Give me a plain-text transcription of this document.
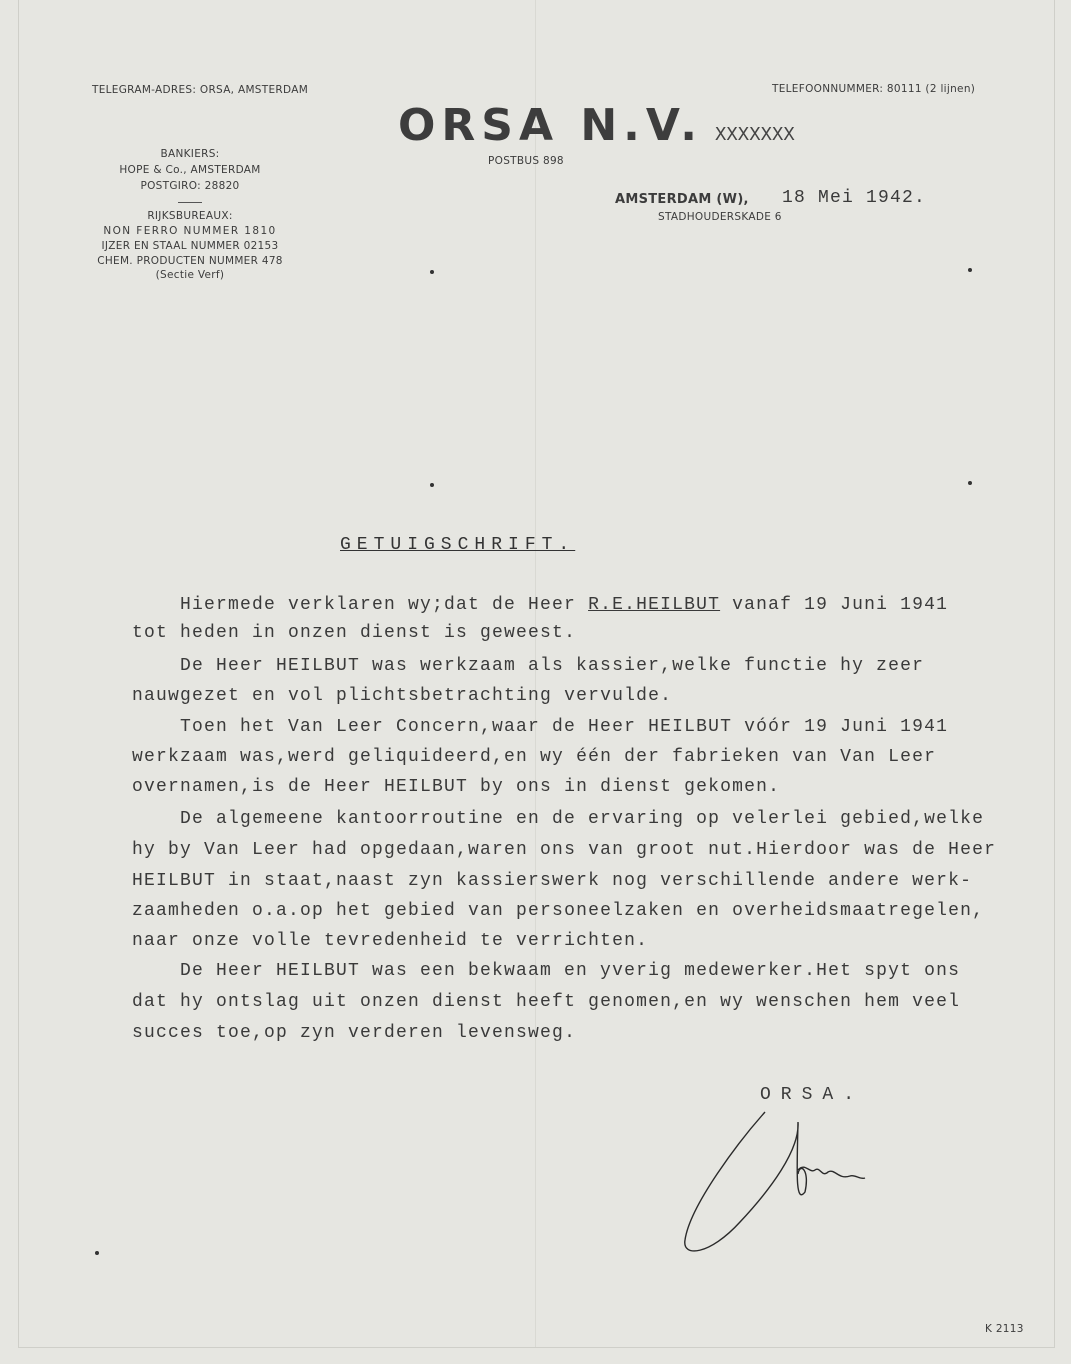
TELEGRAM-ADRES: ORSA, AMSTERDAM	TELEFOONNUMMER: 80111 (2 lijnen)
ORSA N.V. XXXXXXX
POSTBUS 898
BANKIERS:
HOPE & Co., AMSTERDAM
POSTGIRO: 28820
RIJKSBUREAUX:
NON FERRO NUMMER 1810
IJZER EN STAAL NUMMER 02153
CHEM. PRODUCTEN NUMMER 478
(Sectie Verf)
AMSTERDAM (W), 18 Mei 1942.
STADHOUDERSKADE 6
GETUIGSCHRIFT.
Hiermede verklaren wy;dat de Heer R.E.HEILBUT vanaf 19 Juni 1941
tot heden in onzen dienst is geweest.
De Heer HEILBUT was werkzaam als kassier,welke functie hy zeer
nauwgezet en vol plichtsbetrachting vervulde.
Toen het Van Leer Concern,waar de Heer HEILBUT vóór 19 Juni 1941
werkzaam was,werd geliquideerd,en wy één der fabrieken van Van Leer
overnamen,is de Heer HEILBUT by ons in dienst gekomen.
De algemeene kantoorroutine en de ervaring op velerlei gebied,welke
hy by Van Leer had opgedaan,waren ons van groot nut.Hierdoor was de Heer
HEILBUT in staat,naast zyn kassierswerk nog verschillende andere werk-
zaamheden o.a.op het gebied van personeelzaken en overheidsmaatregelen,
naar onze volle tevredenheid te verrichten.
De Heer HEILBUT was een bekwaam en yverig medewerker.Het spyt ons
dat hy ontslag uit onzen dienst heeft genomen,en wy wenschen hem veel
succes toe,op zyn verderen levensweg.
ORSA.
K 2113
